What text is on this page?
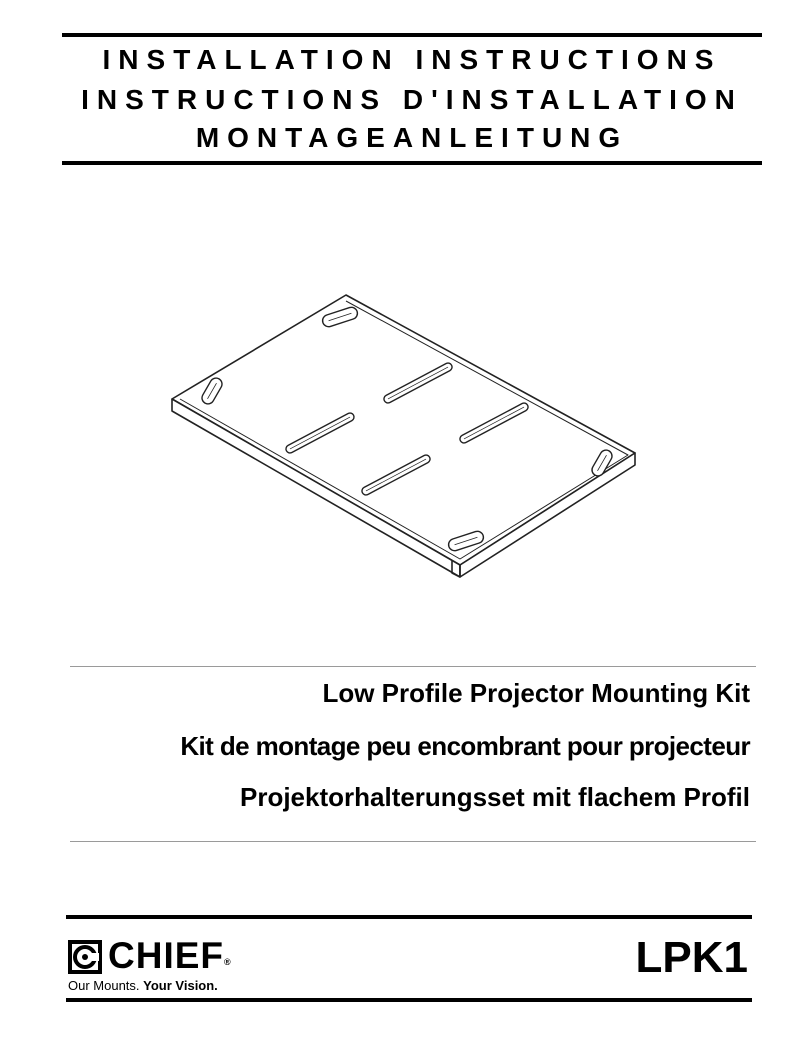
INSTALLATION INSTRUCTIONS
INSTRUCTIONS D'INSTALLATION
MONTAGEANLEITUNG
Low Profile Projector Mounting Kit
Kit de montage peu encombrant pour projecteur
Projektorhalterungsset mit flachem Profil
CHIEF®
Our Mounts. Your Vision.
LPK1
